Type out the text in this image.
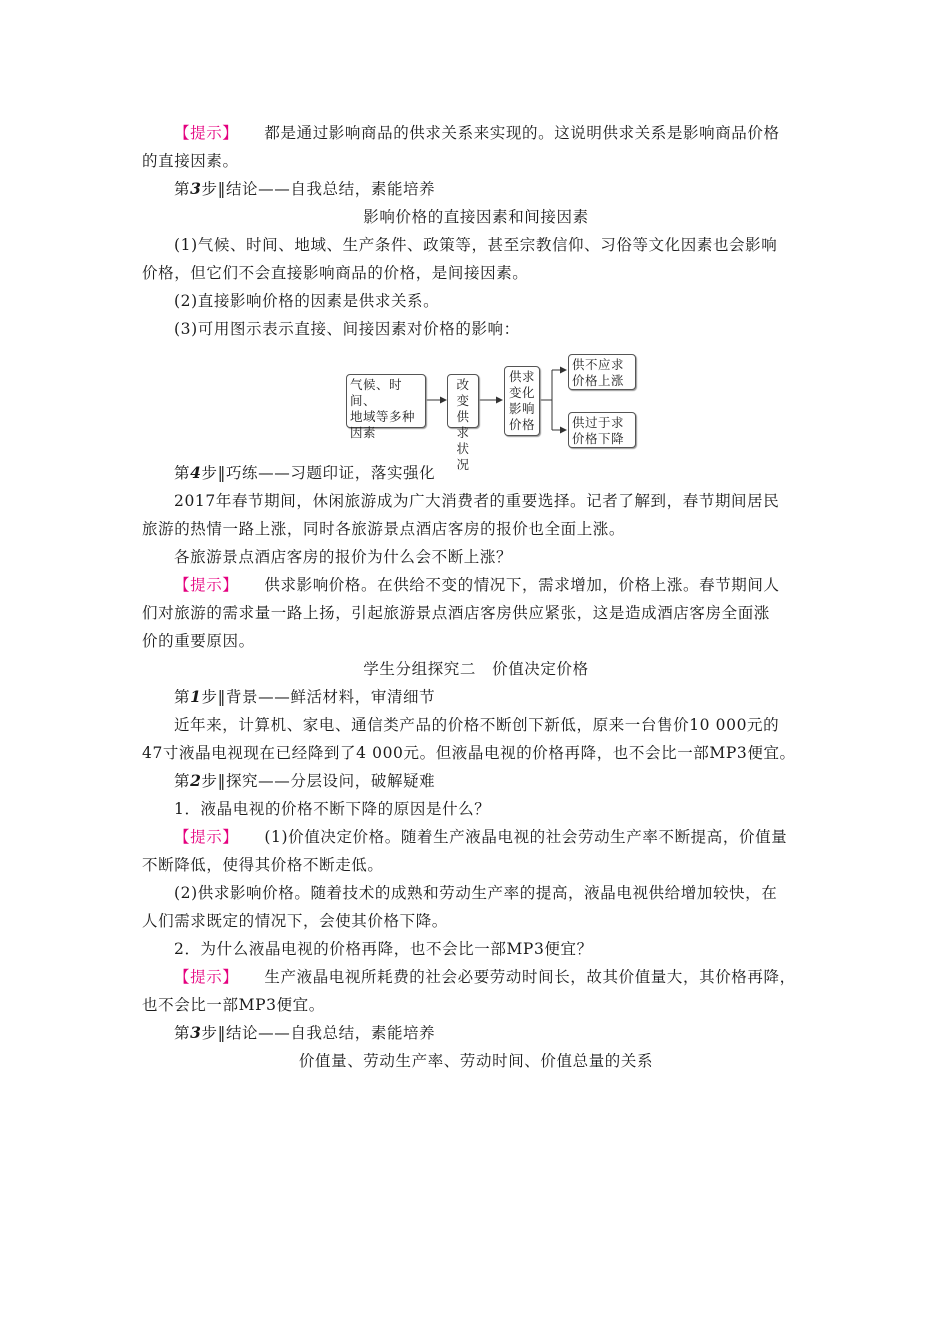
【提示】 都是通过影响商品的供求关系来实现的。这说明供求关系是影响商品价格
的直接因素。
第3步‖结论——自我总结，素能培养
影响价格的直接因素和间接因素
(1)气候、时间、地域、生产条件、政策等，甚至宗教信仰、习俗等文化因素也会影响
价格，但它们不会直接影响商品的价格，是间接因素。
(2)直接影响价格的因素是供求关系。
(3)可用图示表示直接、间接因素对价格的影响：
气候、时间、
地域等多种
因素
改变
供求
状况
供求
变化
影响
价格
供不应求
价格上涨
供过于求
价格下降
第4步‖巧练——习题印证，落实强化
2017年春节期间，休闲旅游成为广大消费者的重要选择。记者了解到，春节期间居民
旅游的热情一路上涨，同时各旅游景点酒店客房的报价也全面上涨。
各旅游景点酒店客房的报价为什么会不断上涨？
【提示】 供求影响价格。在供给不变的情况下，需求增加，价格上涨。春节期间人
们对旅游的需求量一路上扬，引起旅游景点酒店客房供应紧张，这是造成酒店客房全面涨
价的重要原因。
学生分组探究二　价值决定价格
第1步‖背景——鲜活材料，审清细节
近年来，计算机、家电、通信类产品的价格不断创下新低，原来一台售价10 000元的
47寸液晶电视现在已经降到了4 000元。但液晶电视的价格再降，也不会比一部MP3便宜。
第2步‖探究——分层设问，破解疑难
1．液晶电视的价格不断下降的原因是什么？
【提示】 (1)价值决定价格。随着生产液晶电视的社会劳动生产率不断提高，价值量
不断降低，使得其价格不断走低。
(2)供求影响价格。随着技术的成熟和劳动生产率的提高，液晶电视供给增加较快，在
人们需求既定的情况下，会使其价格下降。
2．为什么液晶电视的价格再降，也不会比一部MP3便宜？
【提示】 生产液晶电视所耗费的社会必要劳动时间长，故其价值量大，其价格再降，
也不会比一部MP3便宜。
第3步‖结论——自我总结，素能培养
价值量、劳动生产率、劳动时间、价值总量的关系
